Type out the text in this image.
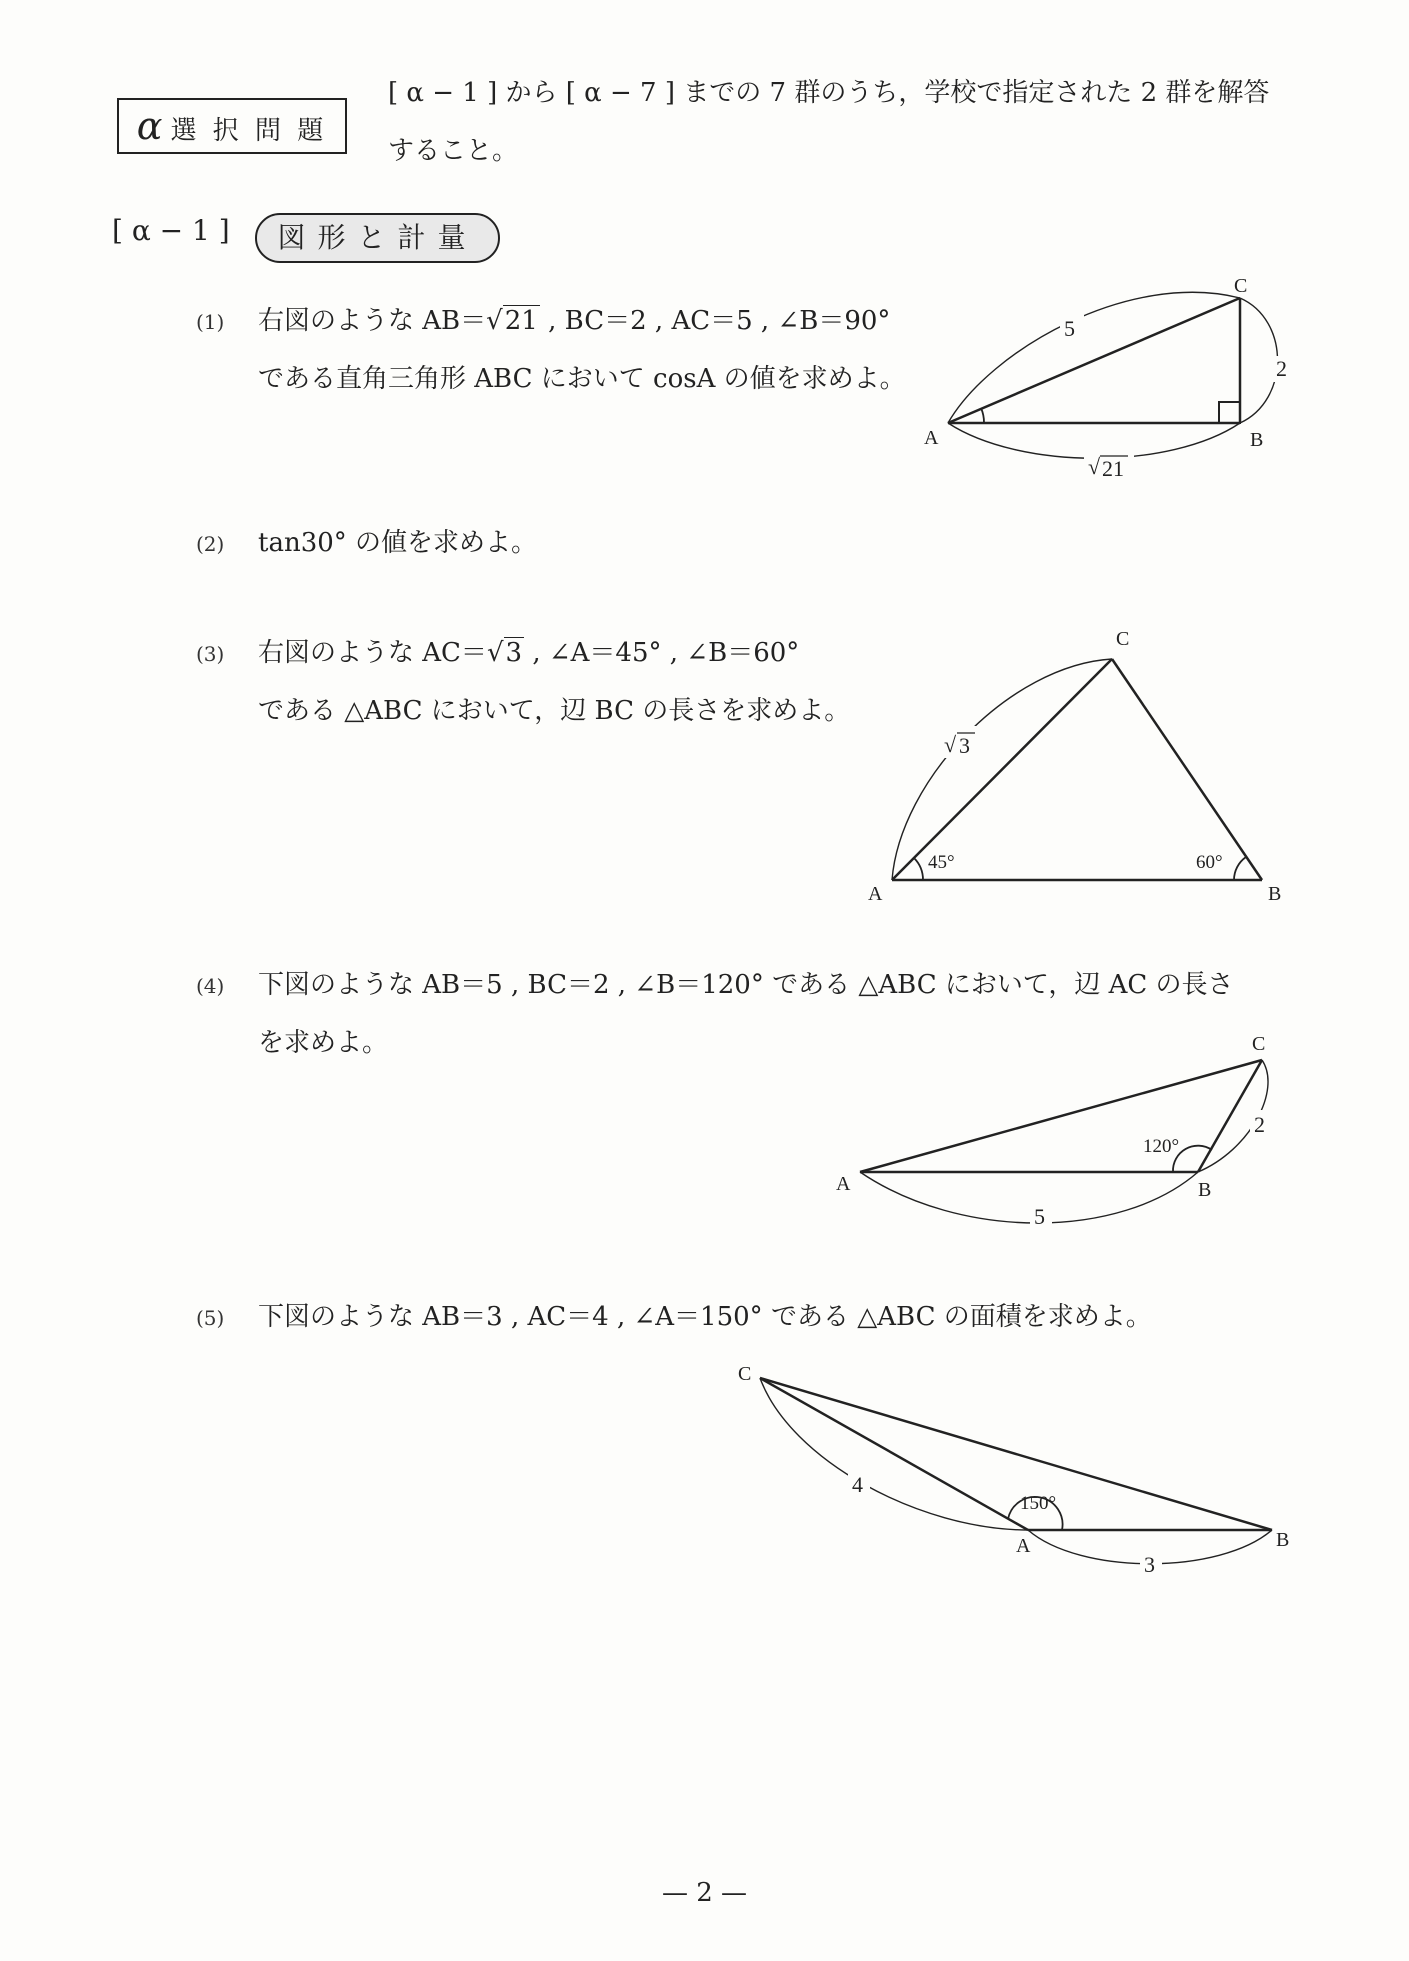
α 選 択 問 題
[ α − 1 ] から [ α − 7 ] までの 7 群のうち，学校で指定された 2 群を解答
すること。
[ α − 1 ]	図形と計量
(1) 右図のような AB＝√21 , BC＝2 , AC＝5 , ∠B＝90°
である直角三角形 ABC において cosA の値を求めよ。
5
2
√ 21
A	B
C
(2) tan30° の値を求めよ。
(3) 右図のような AC＝√3 , ∠A＝45° , ∠B＝60°
である △ABC において，辺 BC の長さを求めよ。
√ 3
45°	60°
A	B
C
(4) 下図のような AB＝5 , BC＝2 , ∠B＝120° である △ABC において，辺 AC の長さ
を求めよ。
5
2
120°
A	B
C
(5) 下図のような AB＝3 , AC＝4 , ∠A＝150° である △ABC の面積を求めよ。
4
3
150°
C
A	B
— 2 —
